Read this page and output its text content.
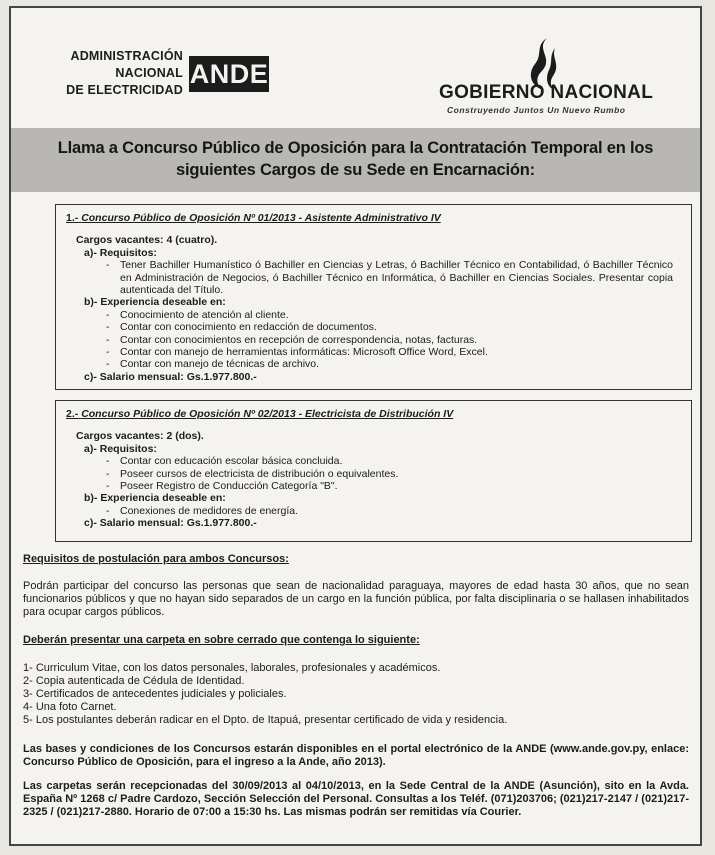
ADMINISTRACIÓN
NACIONAL
DE ELECTRICIDAD
ANDE
GOBIERNO NACIONAL
Construyendo Juntos Un Nuevo Rumbo
Llama a Concurso Público de Oposición para la Contratación Temporal en los
siguientes Cargos de su Sede en Encarnación:
1.- Concurso Público de Oposición Nº 01/2013 - Asistente Administrativo IV
Cargos vacantes: 4 (cuatro).
a)- Requisitos:
-	Tener Bachiller Humanístico ó Bachiller en Ciencias y Letras, ó Bachiller Técnico en Contabilidad, ó Bachiller Técnico en Administración de Negocios, ó Bachiller Técnico en Informática, ó Bachiller en Ciencias Sociales. Presentar copia autenticada del Título.
b)- Experiencia deseable en:
-	Conocimiento de atención al cliente.
-	Contar con conocimiento en redacción de documentos.
-	Contar con conocimientos en recepción de correspondencia, notas, facturas.
-	Contar con manejo de herramientas informáticas: Microsoft Office Word, Excel.
-	Contar con manejo de técnicas de archivo.
c)- Salario mensual: Gs.1.977.800.-
2.- Concurso Público de Oposición Nº 02/2013 - Electricista de Distribución IV
Cargos vacantes: 2 (dos).
a)- Requisitos:
-	Contar con educación escolar básica concluida.
-	Poseer cursos de electricista de distribución o equivalentes.
-	Poseer Registro de Conducción Categoría "B".
b)- Experiencia deseable en:
-	Conexiones de medidores de energía.
c)- Salario mensual: Gs.1.977.800.-
Requisitos de postulación para ambos Concursos:
Podrán participar del concurso las personas que sean de nacionalidad paraguaya, mayores de edad hasta 30 años, que no sean funcionarios públicos y que no hayan sido separados de un cargo en la función pública, por falta disciplinaria o se hallasen inhabilitados para ocupar cargos públicos.
Deberán presentar una carpeta en sobre cerrado que contenga lo siguiente:
1- Curriculum Vitae, con los datos personales, laborales, profesionales y académicos.
2- Copia autenticada de Cédula de Identidad.
3- Certificados de antecedentes judiciales y policiales.
4- Una foto Carnet.
5- Los postulantes deberán radicar en el Dpto. de Itapuá, presentar certificado de vida y residencia.
Las bases y condiciones de los Concursos estarán disponibles en el portal electrónico de la ANDE (www.ande.gov.py, enlace: Concurso Público de Oposición, para el ingreso a la Ande, año 2013).
Las carpetas serán recepcionadas del 30/09/2013 al 04/10/2013, en la Sede Central de la ANDE (Asunción), sito en la Avda. España Nº 1268 c/ Padre Cardozo, Sección Selección del Personal. Consultas a los Teléf. (071)203706; (021)217-2147 / (021)217-2325 / (021)217-2880. Horario de 07:00 a 15:30 hs. Las mismas podrán ser remitidas vía Courier.
